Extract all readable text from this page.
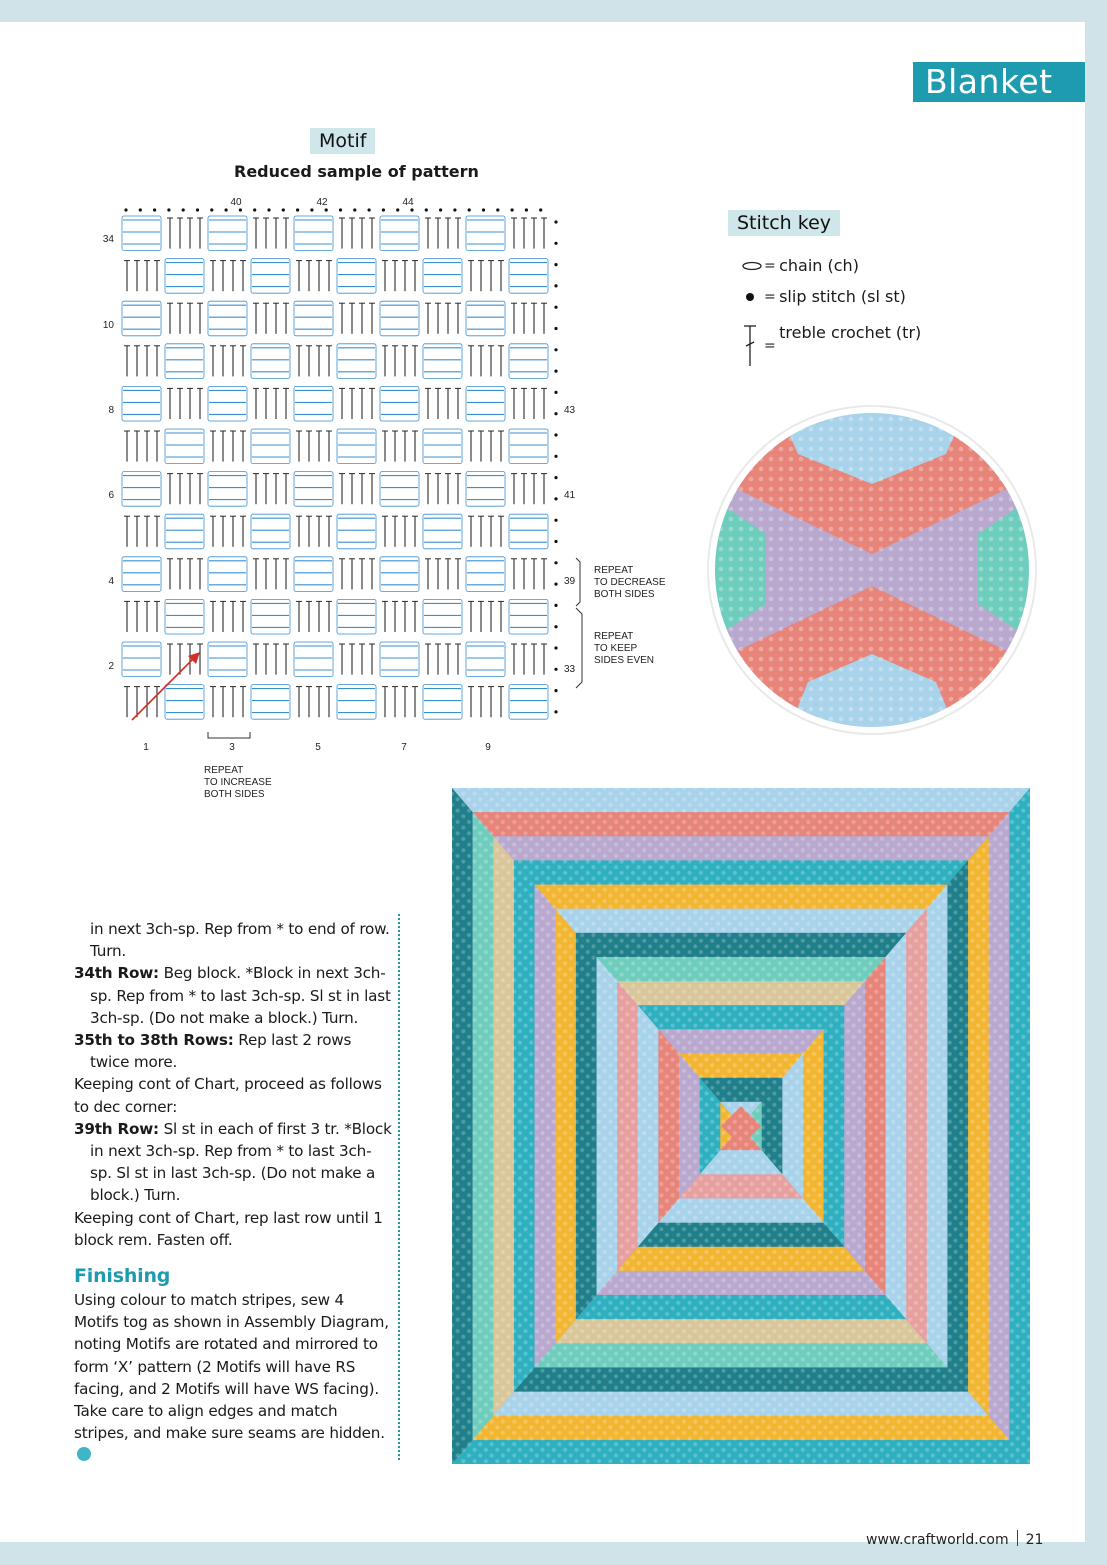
Blanket
Motif
Reduced sample of pattern
40	42	44
34
10
8
6
4
2
43
41
39
33
1	3	5	7	9
REPEAT
TO DECREASE
BOTH SIDES
REPEAT
TO KEEP
SIDES EVEN
REPEAT
TO INCREASE
BOTH SIDES
Stitch key
= chain (ch)
= slip stitch (sl st)
=
treble crochet (tr)

in next 3ch-sp. Rep from * to end of row. Turn.

34th Row: Beg block. *Block in next 3ch-sp. Rep from * to last 3ch-sp. Sl st in last 3ch-sp. (Do not make a block.) Turn.

35th to 38th Rows: Rep last 2 rows twice more.

Keeping cont of Chart, proceed as follows to dec corner:

39th Row: Sl st in each of first 3 tr. *Block in next 3ch-sp. Rep from * to last 3ch-sp. Sl st in last 3ch-sp. (Do not make a block.) Turn.

Keeping cont of Chart, rep last row until 1 block rem. Fasten off.

Finishing

Using colour to match stripes, sew 4 Motifs tog as shown in Assembly Diagram, noting Motifs are rotated and mirrored to form ‘X’ pattern (2 Motifs will have RS facing, and 2 Motifs will have WS facing). Take care to align edges and match stripes, and make sure seams are hidden.

www.craftworld.com 21
